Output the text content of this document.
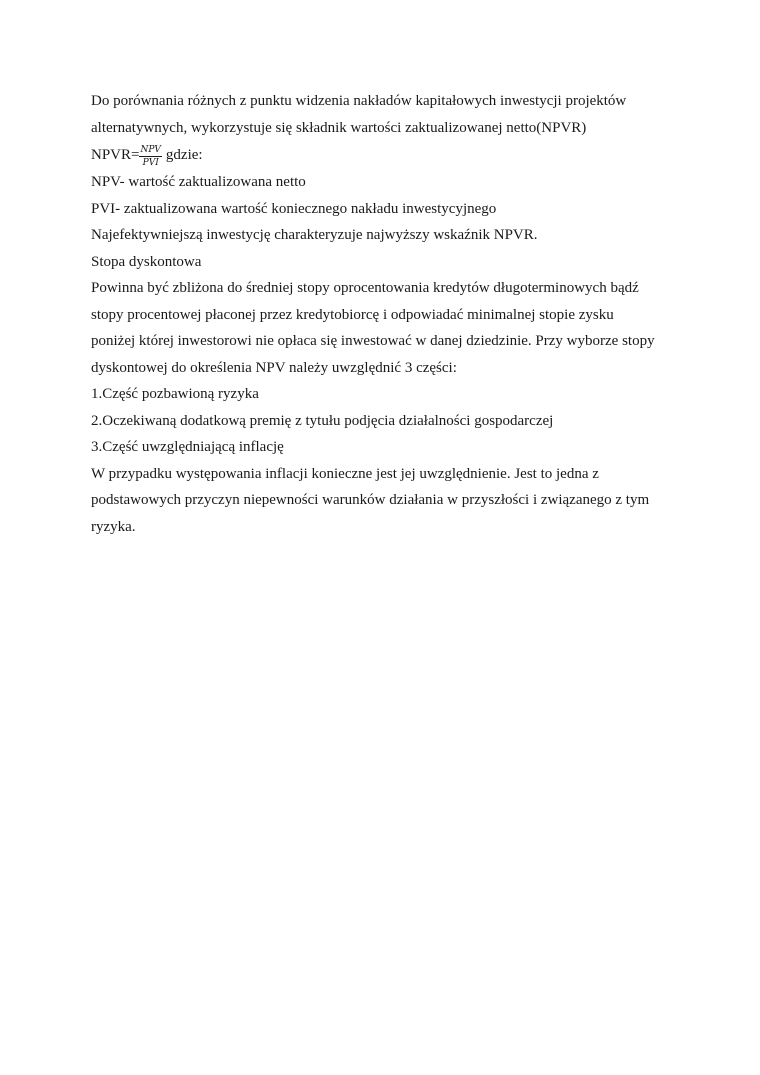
Do porównania różnych z punktu widzenia nakładów kapitałowych inwestycji projektów
alternatywnych, wykorzystuje się składnik wartości zaktualizowanej netto(NPVR)
NPVR= $\frac{\text{NPV}}{\text{PVI}}$ gdzie:
NPV- wartość zaktualizowana netto
PVI- zaktualizowana wartość koniecznego nakładu inwestycyjnego
Najefektywniejszą inwestycję charakteryzuje najwyższy wskaźnik NPVR.
Stopa dyskontowa
Powinna być zbliżona do średniej stopy oprocentowania kredytów długoterminowych bądź
stopy procentowej płaconej przez kredytobiorcę i odpowiadać minimalnej stopie zysku
poniżej której inwestorowi nie opłaca się inwestować w danej dziedzinie. Przy wyborze stopy
dyskontowej do określenia NPV należy uwzględnić 3 części:
1.Część pozbawioną ryzyka
2.Oczekiwaną dodatkową premię z tytułu podjęcia działalności gospodarczej
3.Część uwzględniającą inflację
W przypadku występowania inflacji konieczne jest jej uwzględnienie. Jest to jedna z
podstawowych przyczyn niepewności warunków działania w przyszłości i związanego z tym
ryzyka.
